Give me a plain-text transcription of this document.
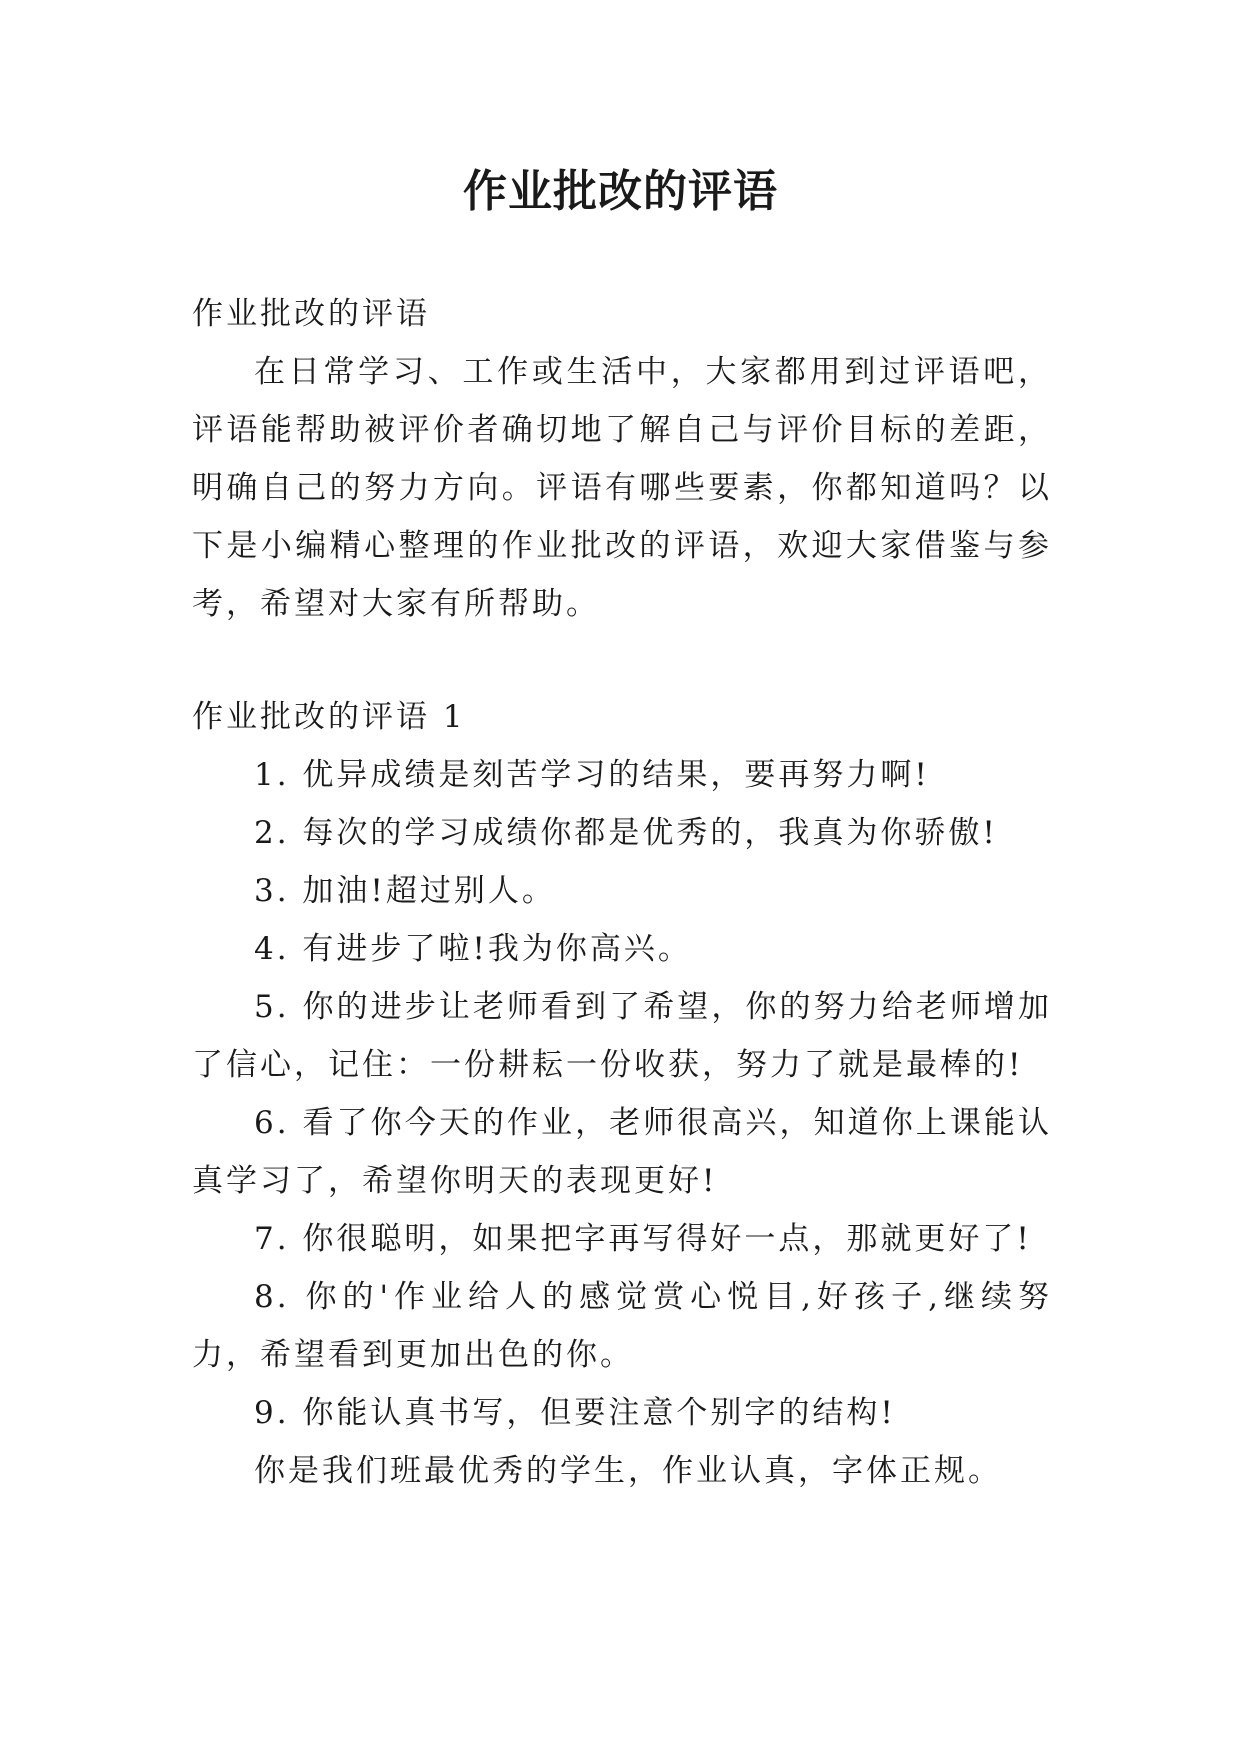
作业批改的评语

作业批改的评语

在日常学习、工作或生活中，大家都用到过评语吧，评语能帮助被评价者确切地了解自己与评价目标的差距，明确自己的努力方向。评语有哪些要素，你都知道吗？以下是小编精心整理的作业批改的评语，欢迎大家借鉴与参考，希望对大家有所帮助。

作业批改的评语 1

1. 优异成绩是刻苦学习的结果，要再努力啊!

2. 每次的学习成绩你都是优秀的，我真为你骄傲!

3. 加油!超过别人。

4. 有进步了啦!我为你高兴。

5. 你的进步让老师看到了希望，你的努力给老师增加了信心，记住：一份耕耘一份收获，努力了就是最棒的!

6. 看了你今天的作业，老师很高兴，知道你上课能认真学习了，希望你明天的表现更好!

7. 你很聪明，如果把字再写得好一点，那就更好了!

8. 你的'作业给人的感觉赏心悦目,好孩子,继续努力，希望看到更加出色的你。

9. 你能认真书写，但要注意个别字的结构!

你是我们班最优秀的学生，作业认真，字体正规。
